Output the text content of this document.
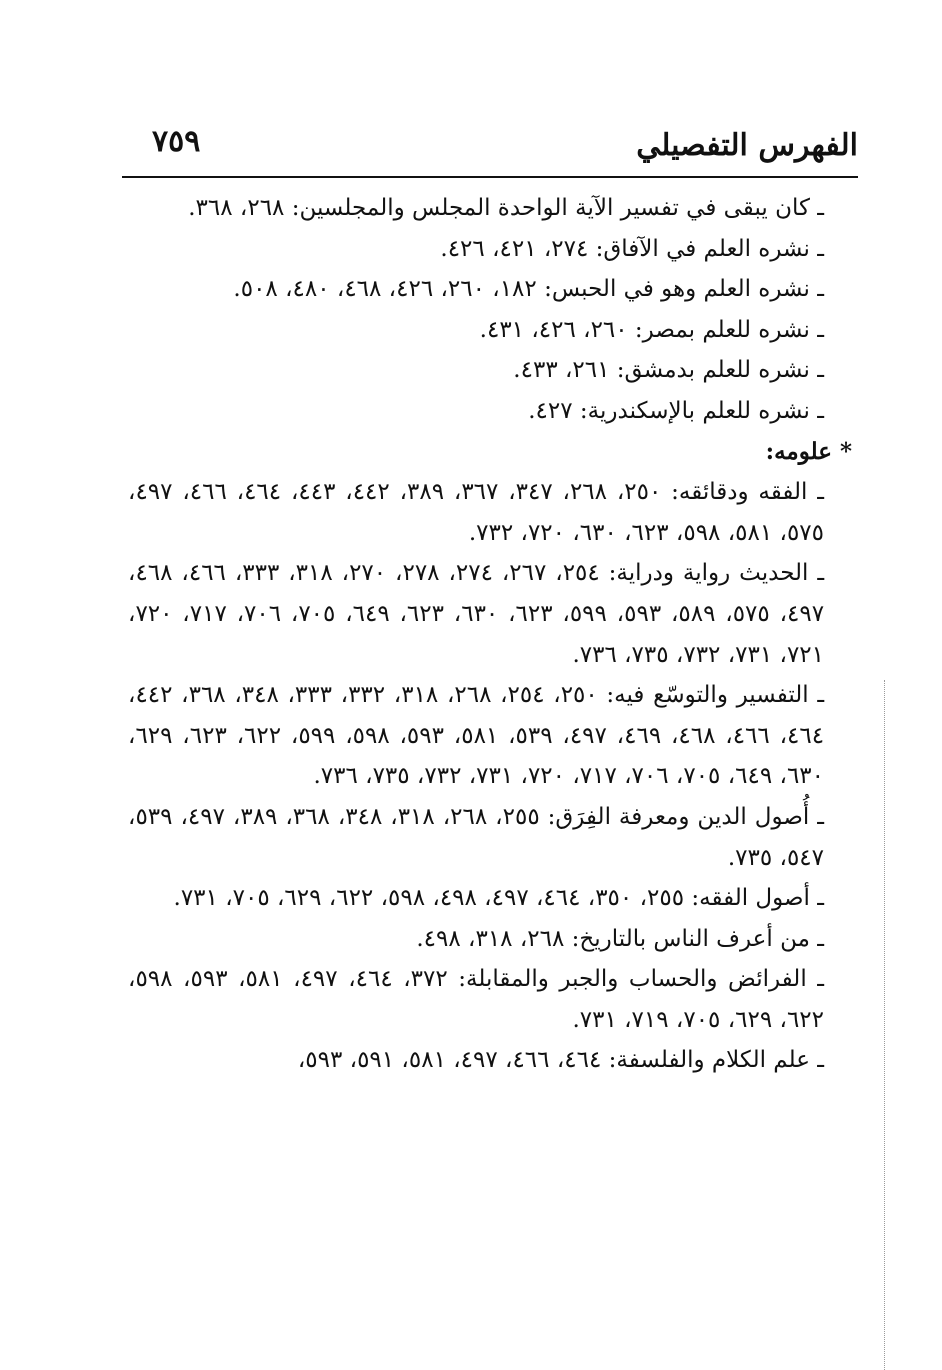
الفهرس التفصيلي
٧٥٩
ـ كان يبقى في تفسير الآية الواحدة المجلس والمجلسين: ٢٦٨، ٣٦٨.
ـ نشره العلم في الآفاق: ٢٧٤، ٤٢١، ٤٢٦.
ـ نشره العلم وهو في الحبس: ١٨٢، ٢٦٠، ٤٢٦، ٤٦٨، ٤٨٠، ٥٠٨.
ـ نشره للعلم بمصر: ٢٦٠، ٤٢٦، ٤٣١.
ـ نشره للعلم بدمشق: ٢٦١، ٤٣٣.
ـ نشره للعلم بالإسكندرية: ٤٢٧.
* علومه:
ـ الفقه ودقائقه: ٢٥٠، ٢٦٨، ٣٤٧، ٣٦٧، ٣٨٩، ٤٤٢، ٤٤٣، ٤٦٤، ٤٦٦، ٤٩٧، ٥٧٥، ٥٨١، ٥٩٨، ٦٢٣، ٦٣٠، ٧٢٠، ٧٣٢.
ـ الحديث رواية ودراية: ٢٥٤، ٢٦٧، ٢٧٤، ٢٧٨، ٢٧٠، ٣١٨، ٣٣٣، ٤٦٦، ٤٦٨، ٤٩٧، ٥٧٥، ٥٨٩، ٥٩٣، ٥٩٩، ٦٢٣، ٦٣٠، ٦٢٣، ٦٤٩، ٧٠٥، ٧٠٦، ٧١٧، ٧٢٠، ٧٢١، ٧٣١، ٧٣٢، ٧٣٥، ٧٣٦.
ـ التفسير والتوسّع فيه: ٢٥٠، ٢٥٤، ٢٦٨، ٣١٨، ٣٣٢، ٣٣٣، ٣٤٨، ٣٦٨، ٤٤٢، ٤٦٤، ٤٦٦، ٤٦٨، ٤٦٩، ٤٩٧، ٥٣٩، ٥٨١، ٥٩٣، ٥٩٨، ٥٩٩، ٦٢٢، ٦٢٣، ٦٢٩، ٦٣٠، ٦٤٩، ٧٠٥، ٧٠٦، ٧١٧، ٧٢٠، ٧٣١، ٧٣٢، ٧٣٥، ٧٣٦.
ـ أُصول الدين ومعرفة الفِرَق: ٢٥٥، ٢٦٨، ٣١٨، ٣٤٨، ٣٦٨، ٣٨٩، ٤٩٧، ٥٣٩، ٥٤٧، ٧٣٥.
ـ أصول الفقه: ٢٥٥، ٣٥٠، ٤٦٤، ٤٩٧، ٤٩٨، ٥٩٨، ٦٢٢، ٦٢٩، ٧٠٥، ٧٣١.
ـ من أعرف الناس بالتاريخ: ٢٦٨، ٣١٨، ٤٩٨.
ـ الفرائض والحساب والجبر والمقابلة: ٣٧٢، ٤٦٤، ٤٩٧، ٥٨١، ٥٩٣، ٥٩٨، ٦٢٢، ٦٢٩، ٧٠٥، ٧١٩، ٧٣١.
ـ علم الكلام والفلسفة: ٤٦٤، ٤٦٦، ٤٩٧، ٥٨١، ٥٩١، ٥٩٣،
